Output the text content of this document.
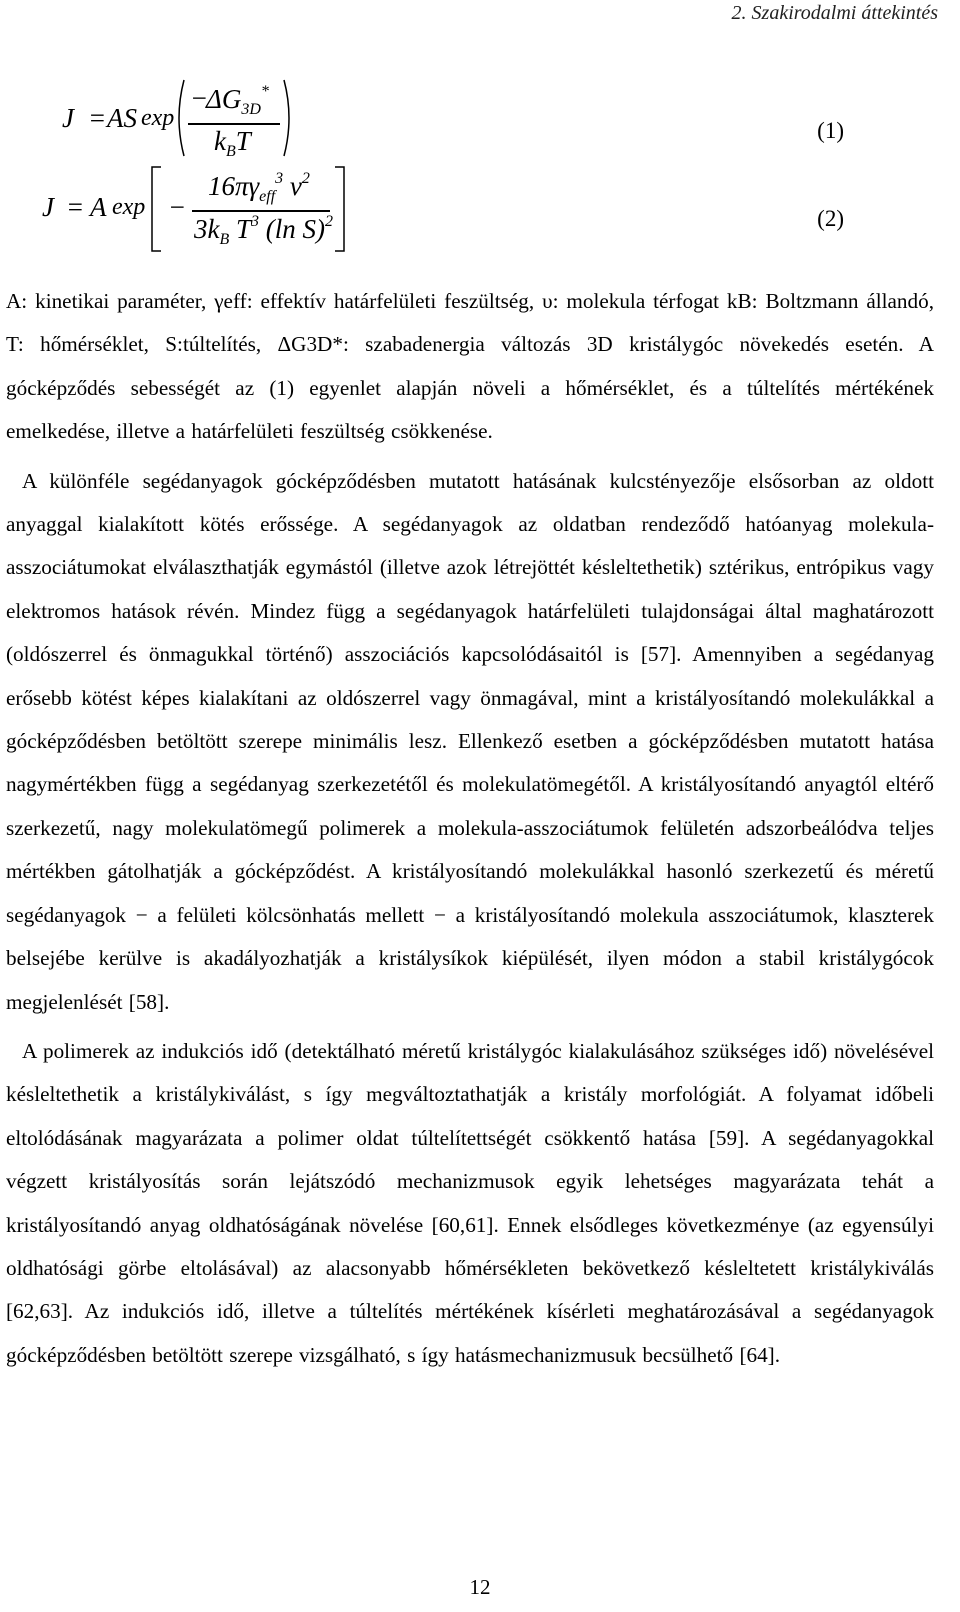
2. Szakirodalmi áttekintés
J = AS exp
−
$\Delta G_{3D}^*$
$k_BT$	(1)
J = A exp −
$16\pi\gamma_{eff}^3$ $\nu^2$
$3k_B$ $T^3$ (ln S)$^2$	(2)

A: kinetikai paraméter, γeff: effektív határfelületi feszültség, υ: molekula térfogat kB: Boltzmann állandó, T: hőmérséklet, S:túltelítés, ΔG3D*: szabadenergia változás 3D kristálygóc növekedés esetén. A gócképződés sebességét az (1) egyenlet alapján növeli a hőmérséklet, és a túltelítés mértékének emelkedése, illetve a határfelületi feszültség csökkenése.

A különféle segédanyagok gócképződésben mutatott hatásának kulcstényezője elsősorban az oldott anyaggal kialakított kötés erőssége. A segédanyagok az oldatban rendeződő hatóanyag molekula-asszociátumokat elválaszthatják egymástól (illetve azok létrejöttét késleltethetik) sztérikus, entrópikus vagy elektromos hatások révén. Mindez függ a segédanyagok határfelületi tulajdonságai által maghatározott (oldószerrel és önmagukkal történő) asszociációs kapcsolódásaitól is [57]. Amennyiben a segédanyag erősebb kötést képes kialakítani az oldószerrel vagy önmagával, mint a kristályosítandó molekulákkal a gócképződésben betöltött szerepe minimális lesz. Ellenkező esetben a gócképződésben mutatott hatása nagymértékben függ a segédanyag szerkezetétől és molekulatömegétől. A kristályosítandó anyagtól eltérő szerkezetű, nagy molekulatömegű polimerek a molekula-asszociátumok felületén adszorbeálódva teljes mértékben gátolhatják a gócképződést. A kristályosítandó molekulákkal hasonló szerkezetű és méretű segédanyagok − a felületi kölcsönhatás mellett − a kristályosítandó molekula asszociátumok, klaszterek belsejébe kerülve is akadályozhatják a kristálysíkok kiépülését, ilyen módon a stabil kristálygócok megjelenlését [58].

A polimerek az indukciós idő (detektálható méretű kristálygóc kialakulásához szükséges idő) növelésével késleltethetik a kristálykiválást, s így megváltoztathatják a kristály morfológiát. A folyamat időbeli eltolódásának magyarázata a polimer oldat túltelítettségét csökkentő hatása [59]. A segédanyagokkal végzett kristályosítás során lejátszódó mechanizmusok egyik lehetséges magyarázata tehát a kristályosítandó anyag oldhatóságának növelése [60,61]. Ennek elsődleges következménye (az egyensúlyi oldhatósági görbe eltolásával) az alacsonyabb hőmérsékleten bekövetkező késleltetett kristálykiválás [62,63]. Az indukciós idő, illetve a túltelítés mértékének kísérleti meghatározásával a segédanyagok gócképződésben betöltött szerepe vizsgálható, s így hatásmechanizmusuk becsülhető [64].

12
